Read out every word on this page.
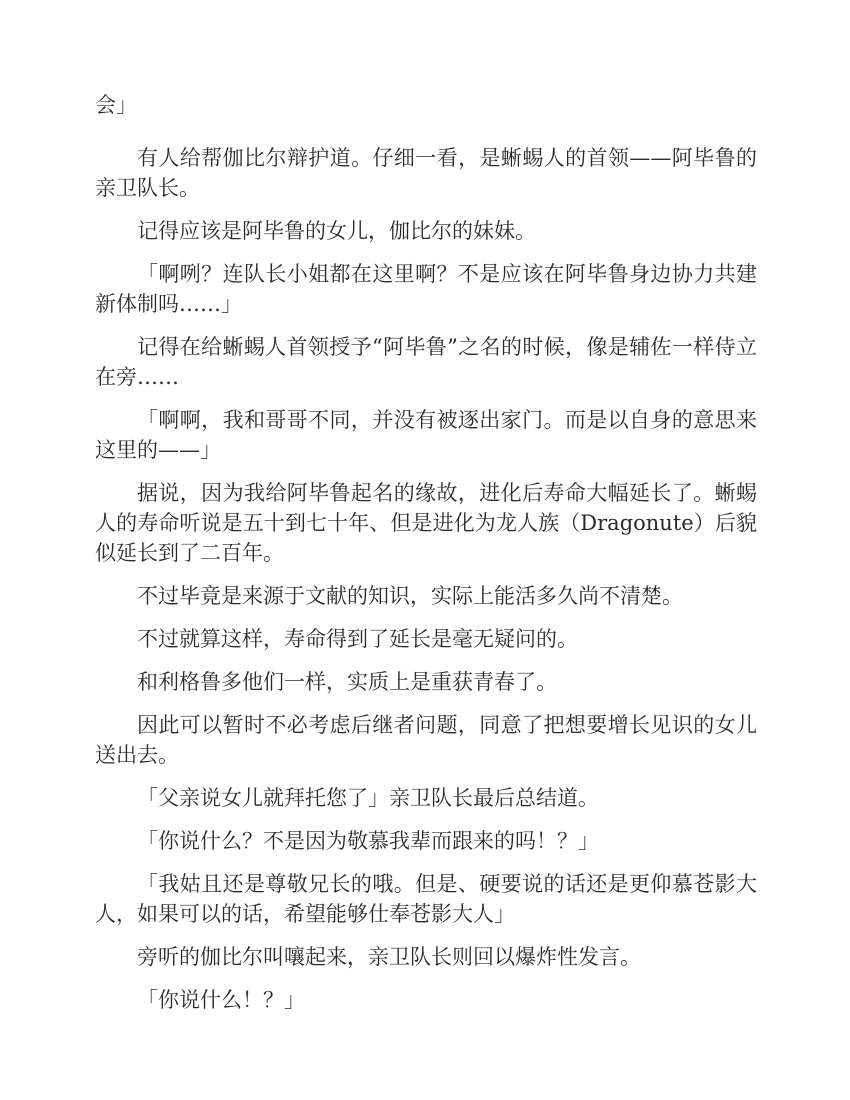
会」

有人给帮伽比尔辩护道。仔细一看，是蜥蜴人的首领——阿毕鲁的亲卫队长。

记得应该是阿毕鲁的女儿，伽比尔的妹妹。

「啊咧？连队长小姐都在这里啊？不是应该在阿毕鲁身边协力共建新体制吗……」

记得在给蜥蜴人首领授予“阿毕鲁”之名的时候，像是辅佐一样侍立在旁……

「啊啊，我和哥哥不同，并没有被逐出家门。而是以自身的意思来这里的——」

据说，因为我给阿毕鲁起名的缘故，进化后寿命大幅延长了。蜥蜴人的寿命听说是五十到七十年、但是进化为龙人族（Dragonute）后貌似延长到了二百年。

不过毕竟是来源于文献的知识，实际上能活多久尚不清楚。

不过就算这样，寿命得到了延长是毫无疑问的。

和利格鲁多他们一样，实质上是重获青春了。

因此可以暂时不必考虑后继者问题，同意了把想要增长见识的女儿送出去。

「父亲说女儿就拜托您了」亲卫队长最后总结道。

「你说什么？不是因为敬慕我辈而跟来的吗！？」

「我姑且还是尊敬兄长的哦。但是、硬要说的话还是更仰慕苍影大人，如果可以的话，希望能够仕奉苍影大人」

旁听的伽比尔叫嚷起来，亲卫队长则回以爆炸性发言。

「你说什么！？」
